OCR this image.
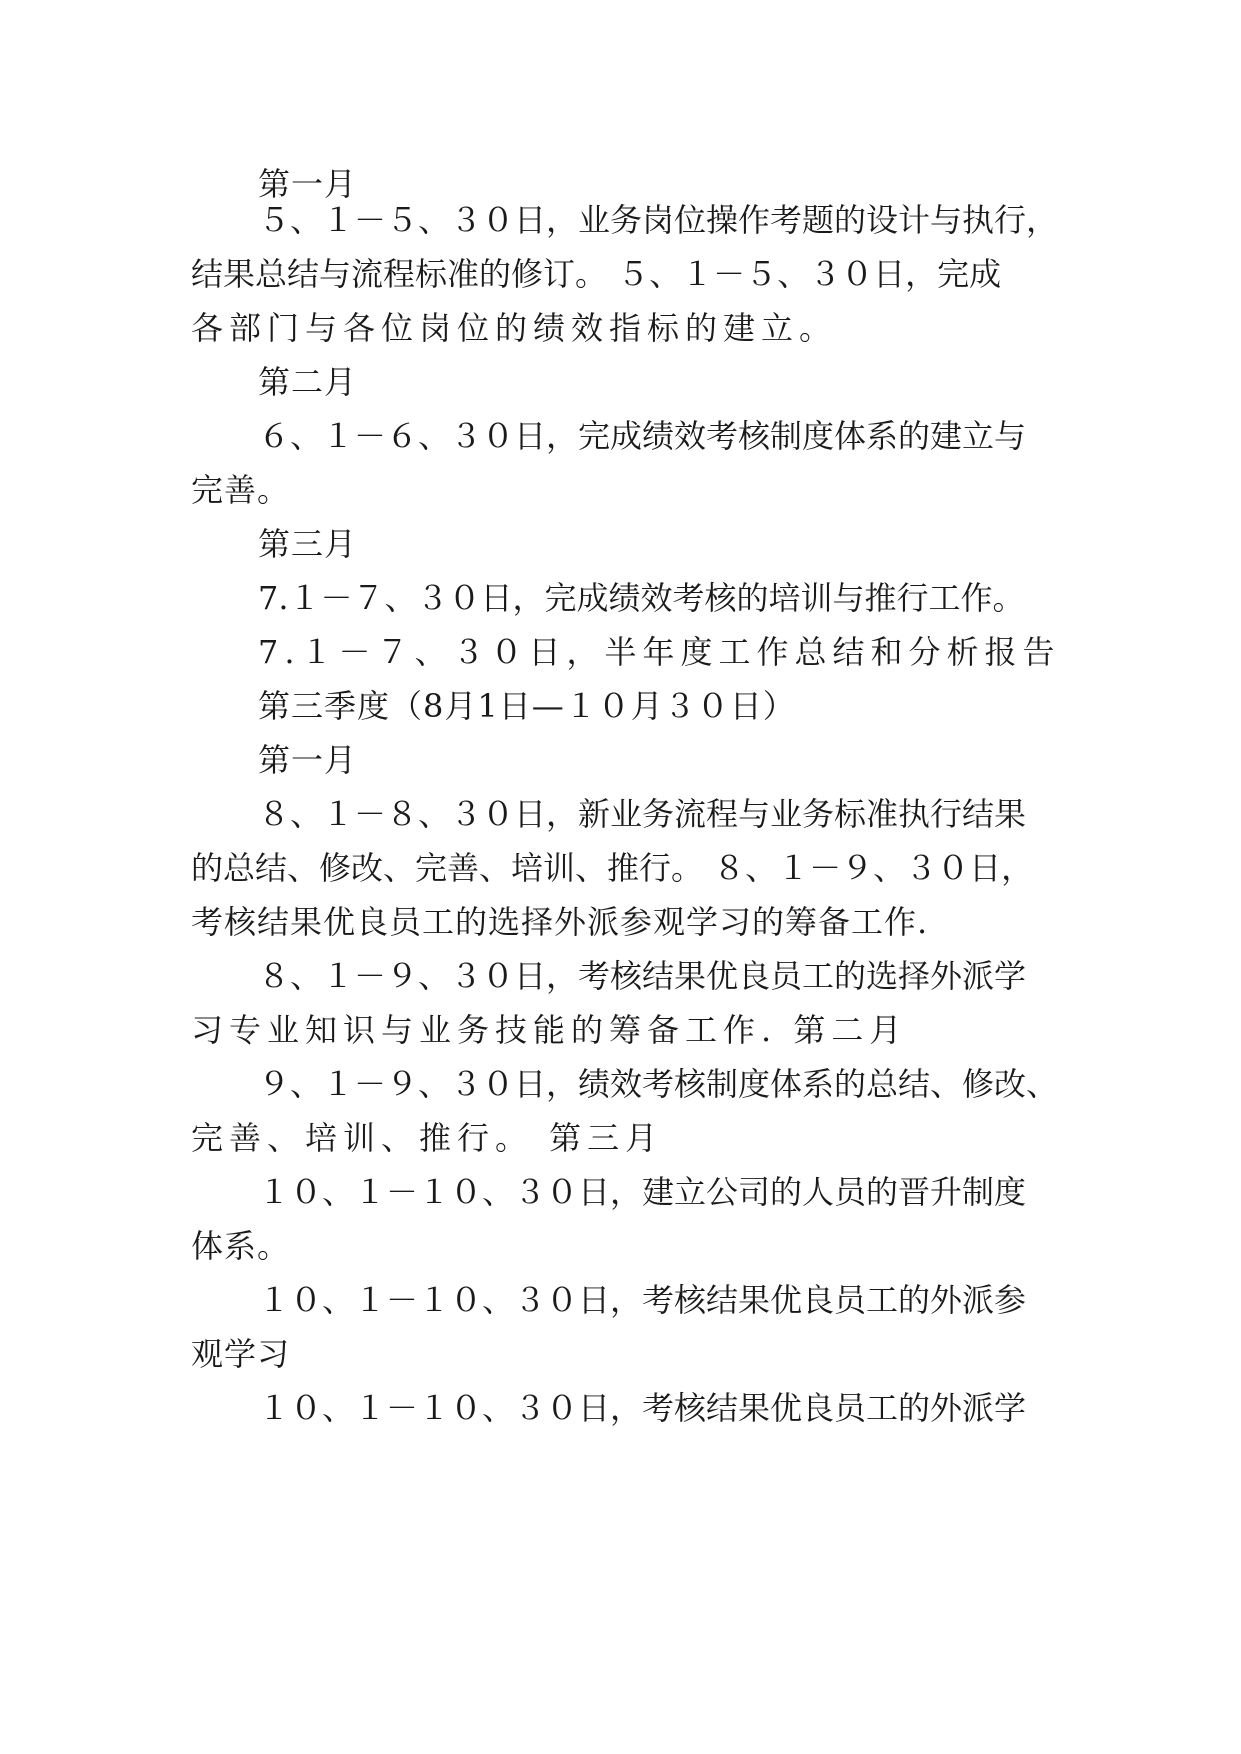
第一月
５、１－５、３０日，业务岗位操作考题的设计与执行，
结果总结与流程标准的修订。 ５、１－５、３０日，完成
各部门与各位岗位的绩效指标的建立。
第二月
６、１－６、３０日，完成绩效考核制度体系的建立与
完善。
第三月
7.１－７、３０日，完成绩效考核的培训与推行工作。
7.１－７、３０日，半年度工作总结和分析报告
第三季度（8月1日—１０月３０日）
第一月
８、１－８、３０日，新业务流程与业务标准执行结果
的总结、修改、完善、培训、推行。 ８、１－９、３０日，
考核结果优良员工的选择外派参观学习的筹备工作.
８、１－９、３０日，考核结果优良员工的选择外派学
习专业知识与业务技能的筹备工作. 第二月
９、１－９、３０日，绩效考核制度体系的总结、修改、
完善、培训、推行。 第三月
１０、１－１０、３０日，建立公司的人员的晋升制度
体系。
１０、１－１０、３０日，考核结果优良员工的外派参
观学习
１０、１－１０、３０日，考核结果优良员工的外派学
